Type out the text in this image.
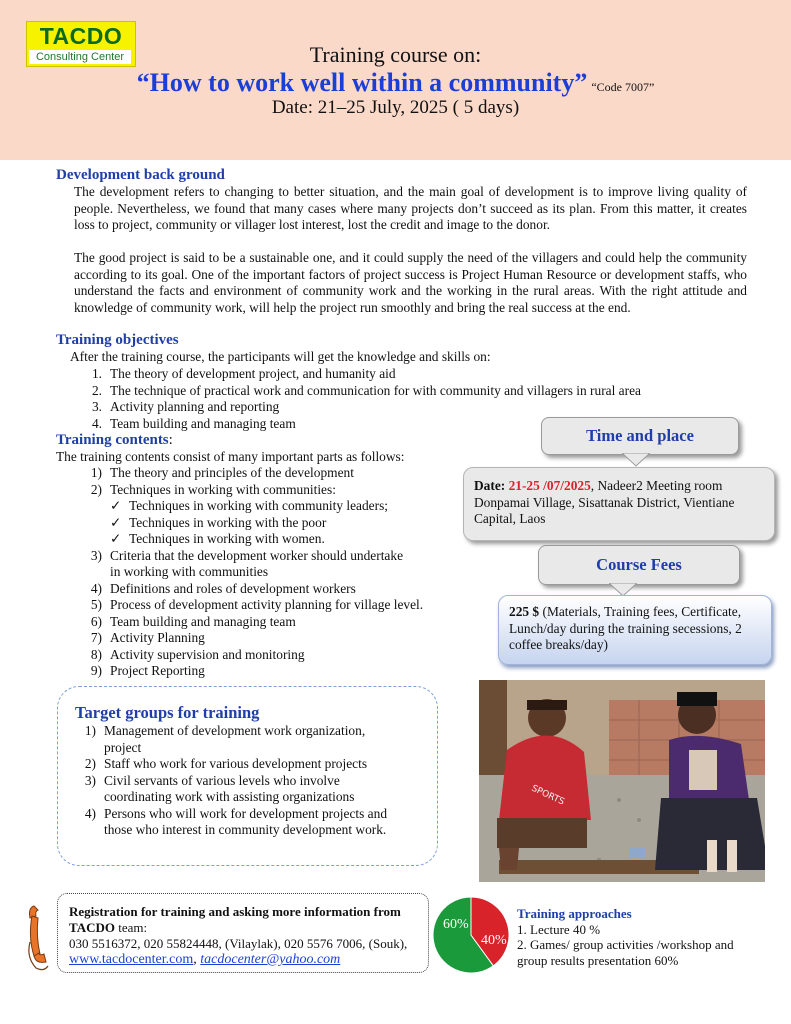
TACDO
Consulting Center	Training course on:
“How to work well within a community” “Code 7007”
Date: 21–25 July, 2025 ( 5 days)
Development back ground

The development refers to changing to better situation, and the main goal of development is to improve living quality of people. Nevertheless, we found that many cases where many projects don’t succeed as its plan. From this matter, it creates loss to project, community or villager lost interest, lost the credit and image to the donor.

The good project is said to be a sustainable one, and it could supply the need of the villagers and could help the community according to its goal. One of the important factors of project success is Project Human Resource or development staffs, who understand the facts and environment of community work and the working in the rural areas. With the right attitude and knowledge of community work, will help the project run smoothly and bring the real success at the end.

Training objectives
After the training course, the participants will get the knowledge and skills on:
1. The theory of development project, and humanity aid
2. The technique of practical work and communication for with community and villagers in rural area
3. Activity planning and reporting
4. Team building and managing team
Training contents:
The training contents consist of many important parts as follows:
1) The theory and principles of the development
2) Techniques in working with communities:
✓ Techniques in working with community leaders;
✓ Techniques in working with the poor
✓ Techniques in working with women.
3) Criteria that the development worker should undertake
in working with communities
4) Definitions and roles of development workers
5) Process of development activity planning for village level.
6) Team building and managing team
7) Activity Planning
8) Activity supervision and monitoring
9) Project Reporting
Time and place
Date: 21-25 /07/2025, Nadeer2 Meeting room Donpamai Village, Sisattanak District, Vientiane Capital, Laos
Course Fees
225 $ (Materials, Training fees, Certificate, Lunch/day during the training secessions, 2 coffee breaks/day)
Target groups for training
1) Management of development work organization,
project
2) Staff who work for various development projects
3) Civil servants of various levels who involve
coordinating work with assisting organizations
4) Persons who will work for development projects and
those who interest in community development work.
SPORTS
Registration for training and asking more information from
TACDO team:
030 5516372, 020 55824448, (Vilaylak), 020 5576 7006, (Souk),
www.tacdocenter.com, tacdocenter@yahoo.com
60%
40%
Training approaches
1. Lecture 40 %
2. Games/ group activities /workshop and
group results presentation 60%
